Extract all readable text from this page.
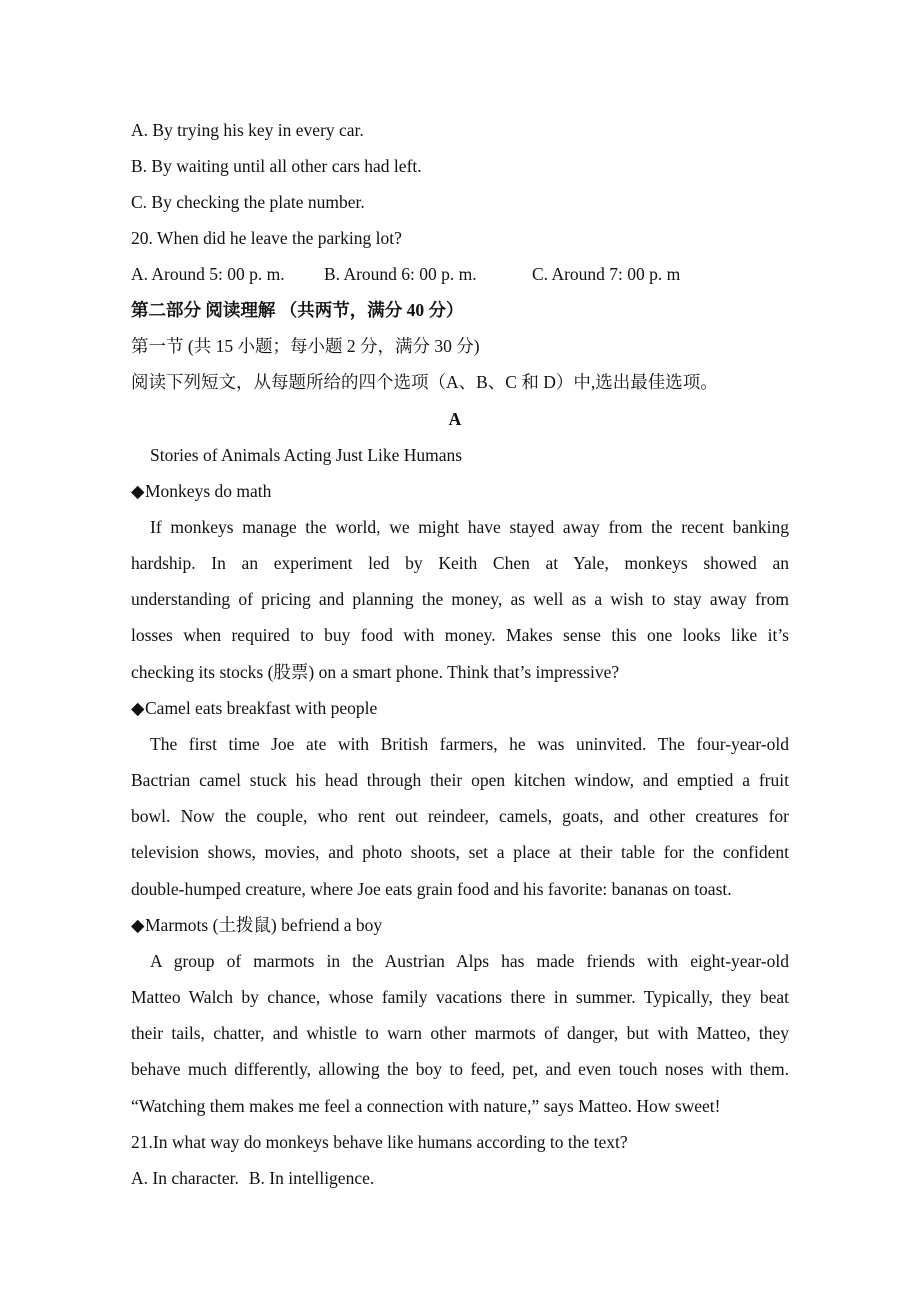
A. By trying his key in every car.
B. By waiting until all other cars had left.
C. By checking the plate number.
20. When did he leave the parking lot?
A. Around 5: 00 p. m. B. Around 6: 00 p. m.	C. Around 7: 00 p. m
第二部分 阅读理解 （共两节，满分 40 分）
第一节 (共 15 小题；每小题 2 分，满分 30 分)
阅读下列短文，从每题所给的四个选项（A、B、C 和 D）中,选出最佳选项。
A
Stories of Animals Acting Just Like Humans
◆Monkeys do math
If monkeys manage the world, we might have stayed away from the recent banking
hardship. In an experiment led by Keith Chen at Yale, monkeys showed an
understanding of pricing and planning the money, as well as a wish to stay away from
losses when required to buy food with money. Makes sense this one looks like it’s
checking its stocks (股票) on a smart phone. Think that’s impressive?
◆Camel eats breakfast with people
The first time Joe ate with British farmers, he was uninvited. The four-year-old
Bactrian camel stuck his head through their open kitchen window, and emptied a fruit
bowl. Now the couple, who rent out reindeer, camels, goats, and other creatures for
television shows, movies, and photo shoots, set a place at their table for the confident
double-humped creature, where Joe eats grain food and his favorite: bananas on toast.
◆Marmots (土拨鼠) befriend a boy
A group of marmots in the Austrian Alps has made friends with eight-year-old
Matteo Walch by chance, whose family vacations there in summer. Typically, they beat
their tails, chatter, and whistle to warn other marmots of danger, but with Matteo, they
behave much differently, allowing the boy to feed, pet, and even touch noses with them.
“Watching them makes me feel a connection with nature,” says Matteo. How sweet!
21.In what way do monkeys behave like humans according to the text?
A. In character. B. In intelligence.
